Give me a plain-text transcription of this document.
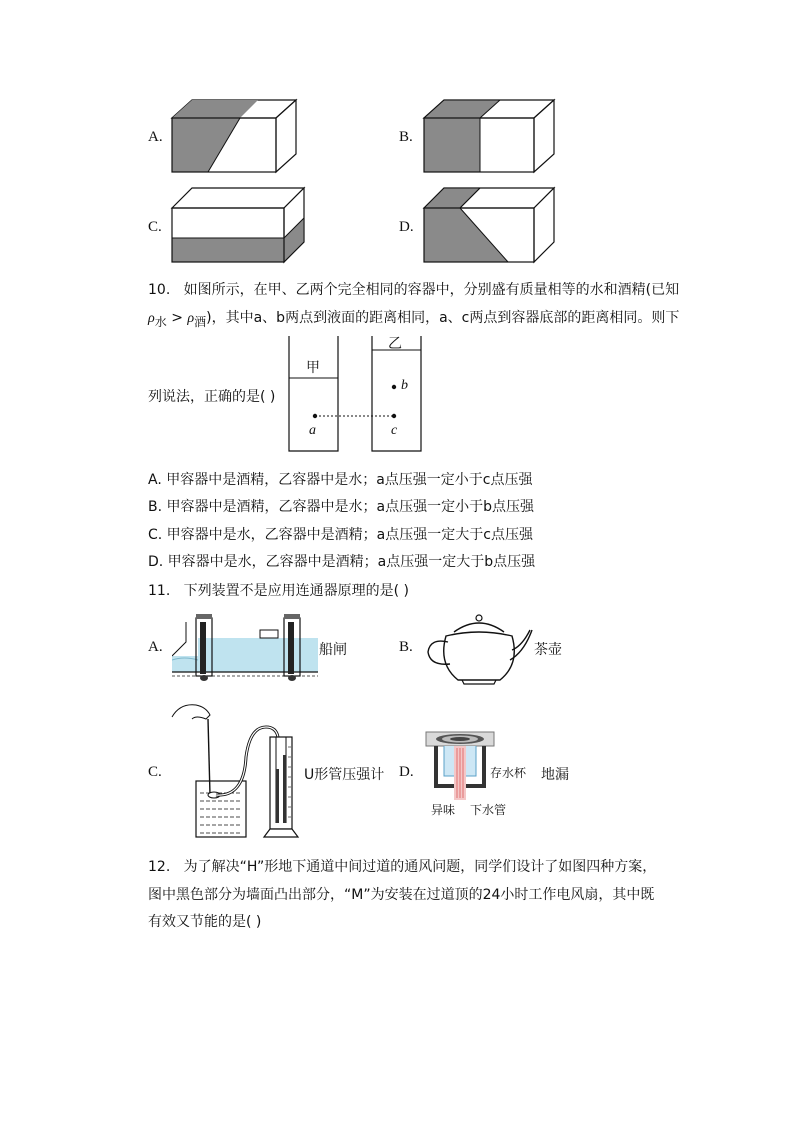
A.	B.
C.	D.
10. 如图所示，在甲、乙两个完全相同的容器中，分别盛有质量相等的水和酒精(已知
$\rho_水 > \rho_酒$)，其中a、b两点到液面的距离相同，a、c两点到容器底部的距离相同。则下
列说法，正确的是( )
甲
乙
a
b
c
A. 甲容器中是酒精，乙容器中是水；a点压强一定小于c点压强
B. 甲容器中是酒精，乙容器中是水；a点压强一定小于b点压强
C. 甲容器中是水，乙容器中是酒精；a点压强一定大于c点压强
D. 甲容器中是水，乙容器中是酒精；a点压强一定大于b点压强
11. 下列装置不是应用连通器原理的是( )
A.	船闸	B.	茶壶
C.	U形管压强计 D.	存水杯
异味 下水管
地漏
12. 为了解决“H”形地下通道中间过道的通风问题，同学们设计了如图四种方案，
图中黑色部分为墙面凸出部分，“M”为安装在过道顶的24小时工作电风扇，其中既
有效又节能的是( )
